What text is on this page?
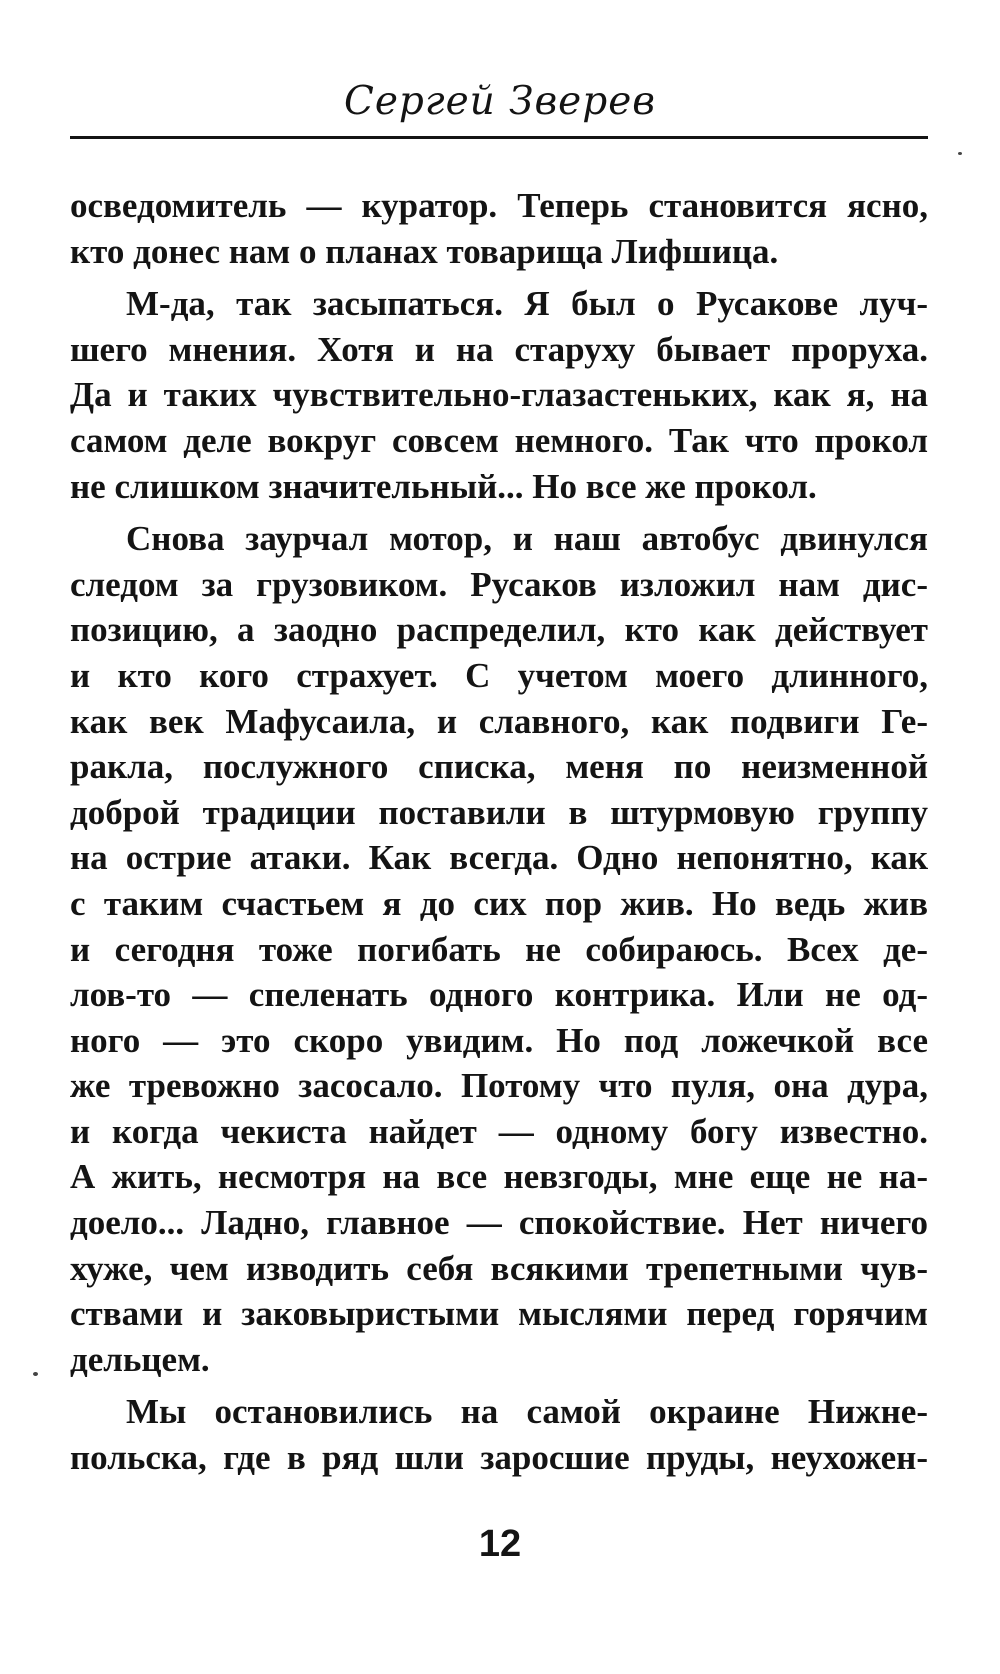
Сергей Зверев
осведомитель — куратор. Теперь становится ясно,
кто донес нам о планах товарища Лифшица.
М-да, так засыпаться. Я был о Русакове луч-
шего мнения. Хотя и на старуху бывает проруха.
Да и таких чувствительно-глазастеньких, как я, на
самом деле вокруг совсем немного. Так что прокол
не слишком значительный... Но все же прокол.
Снова заурчал мотор, и наш автобус двинулся
следом за грузовиком. Русаков изложил нам дис-
позицию, а заодно распределил, кто как действует
и кто кого страхует. С учетом моего длинного,
как век Мафусаила, и славного, как подвиги Ге-
ракла, послужного списка, меня по неизменной
доброй традиции поставили в штурмовую группу
на острие атаки. Как всегда. Одно непонятно, как
с таким счастьем я до сих пор жив. Но ведь жив
и сегодня тоже погибать не собираюсь. Всех де-
лов-то — спеленать одного контрика. Или не од-
ного — это скоро увидим. Но под ложечкой все
же тревожно засосало. Потому что пуля, она дура,
и когда чекиста найдет — одному богу известно.
А жить, несмотря на все невзгоды, мне еще не на-
доело... Ладно, главное — спокойствие. Нет ничего
хуже, чем изводить себя всякими трепетными чув-
ствами и заковыристыми мыслями перед горячим
дельцем.
Мы остановились на самой окраине Нижне-
польска, где в ряд шли заросшие пруды, неухожен-
12
